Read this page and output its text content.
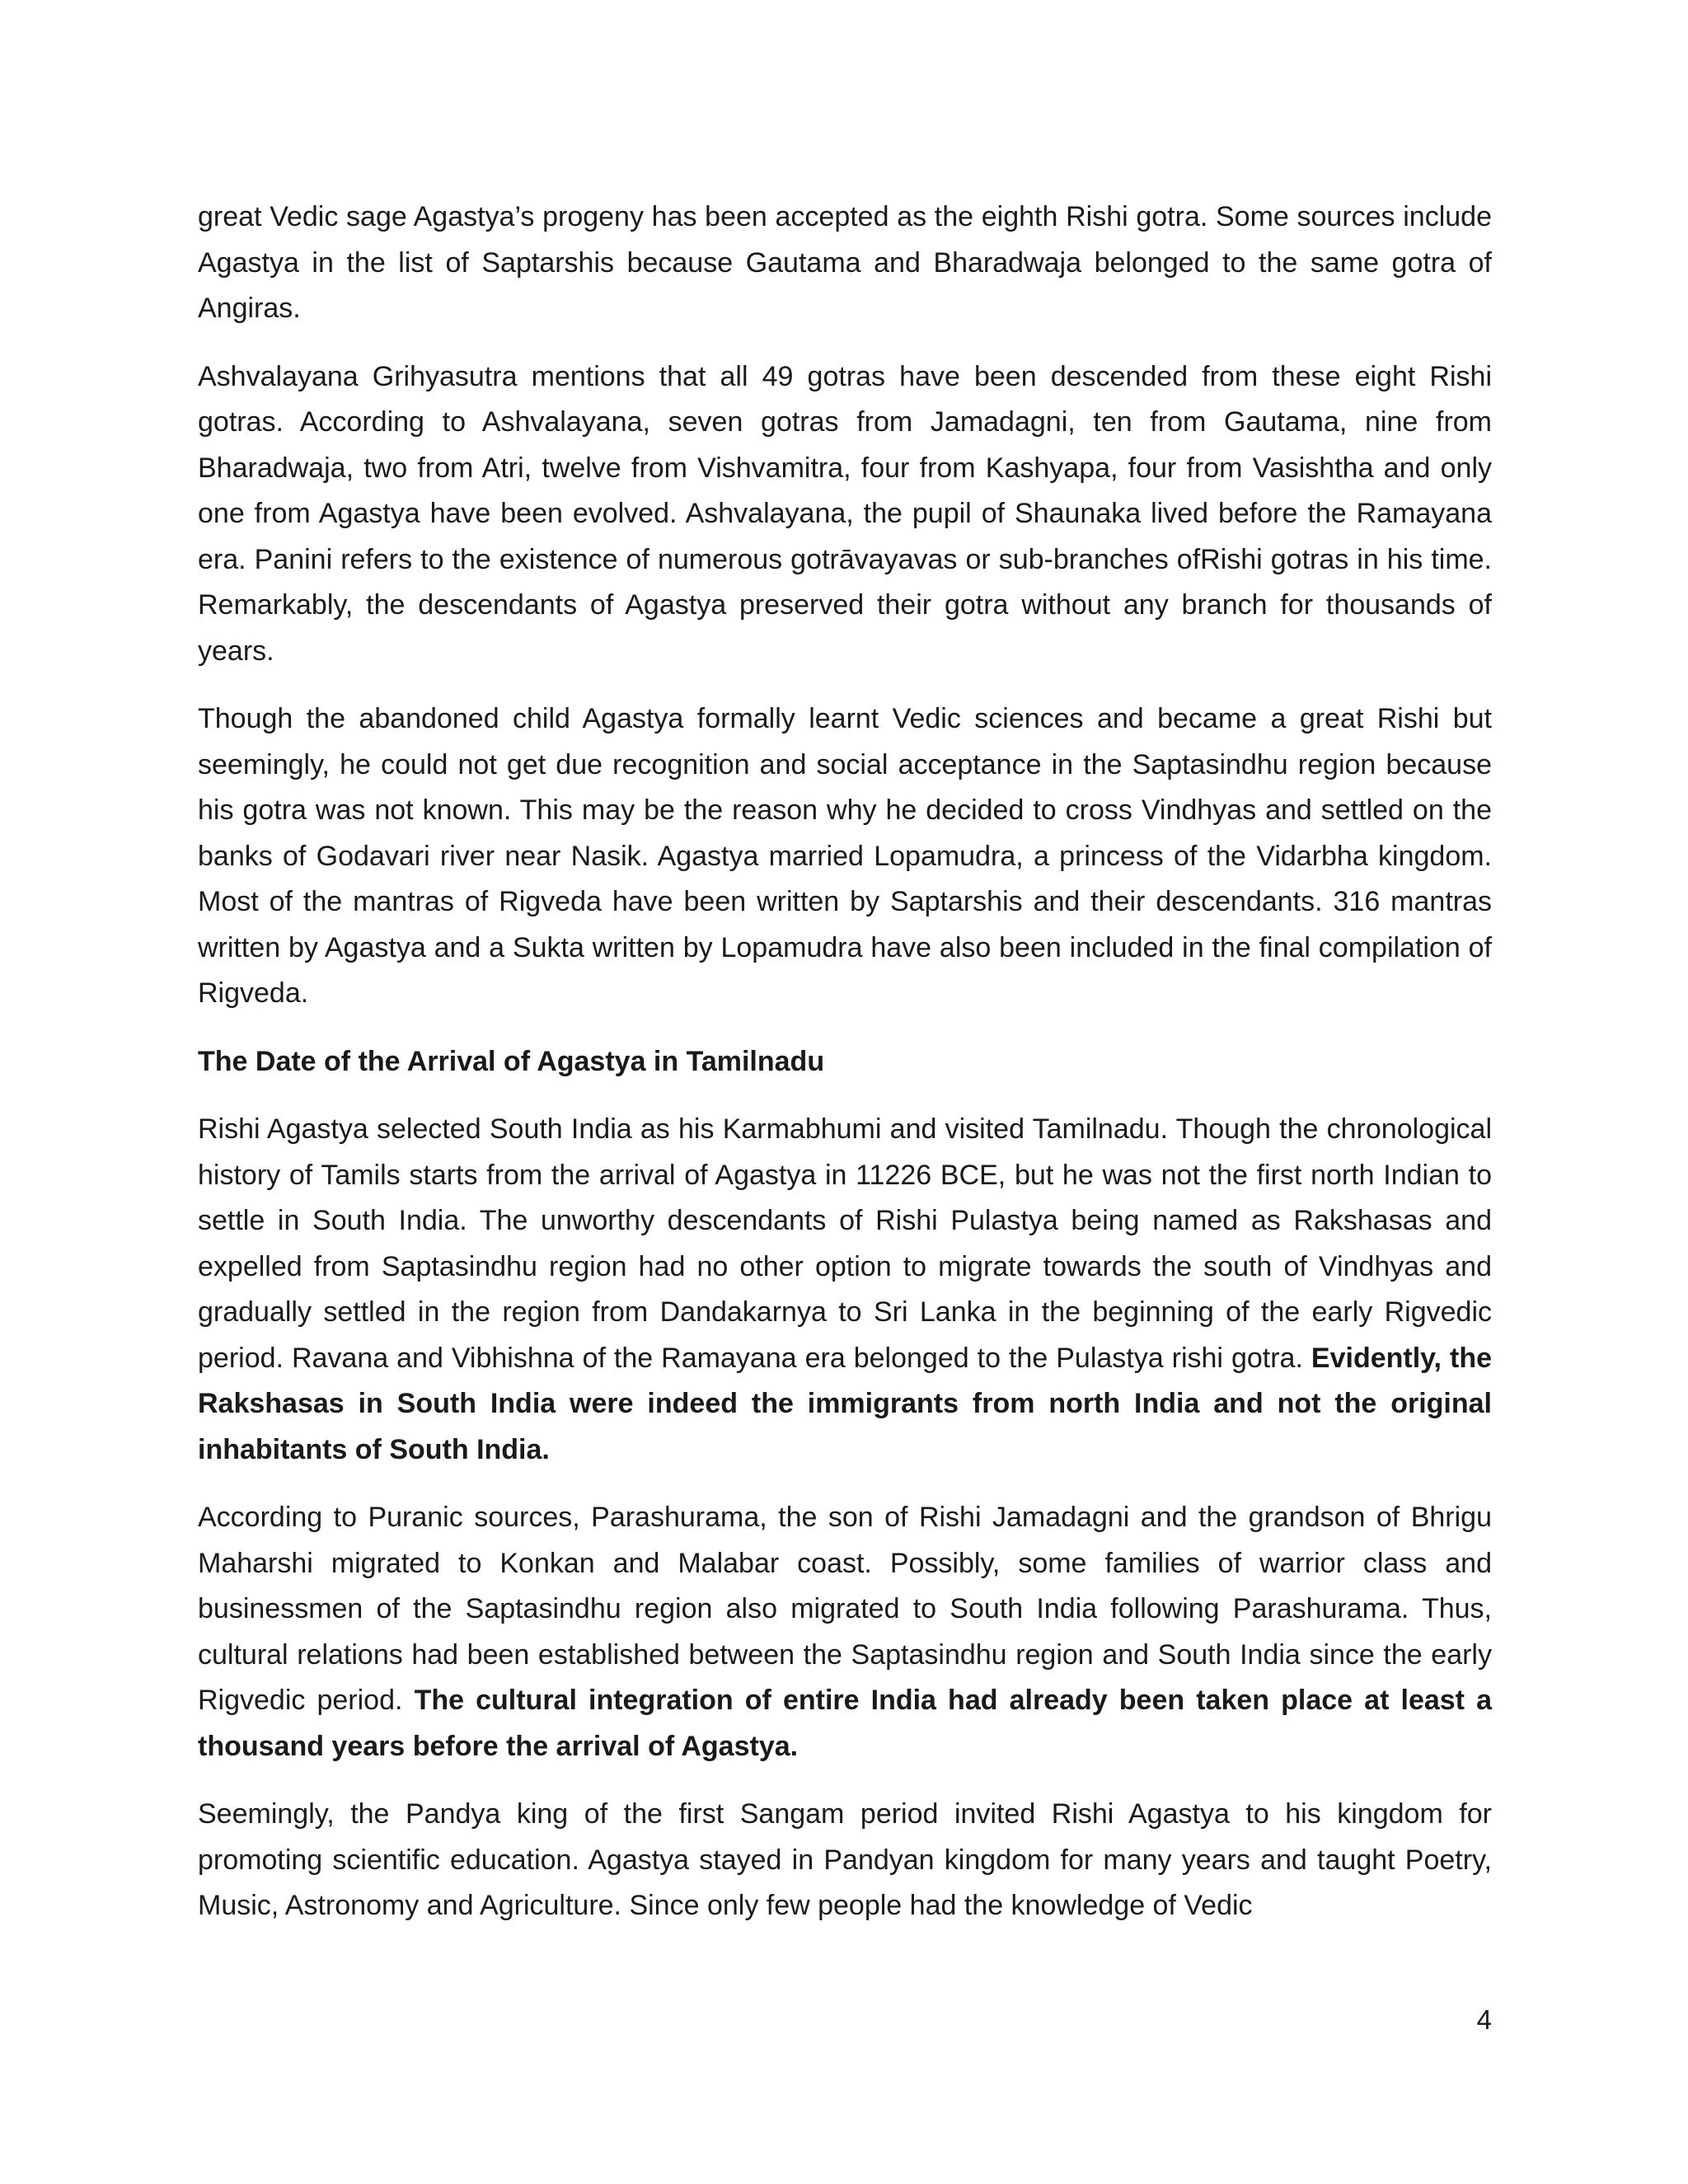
great Vedic sage Agastya’s progeny has been accepted as the eighth Rishi gotra. Some sources include Agastya in the list of Saptarshis because Gautama and Bharadwaja belonged to the same gotra of Angiras.

Ashvalayana Grihyasutra mentions that all 49 gotras have been descended from these eight Rishi gotras. According to Ashvalayana, seven gotras from Jamadagni, ten from Gautama, nine from Bharadwaja, two from Atri, twelve from Vishvamitra, four from Kashyapa, four from Vasishtha and only one from Agastya have been evolved. Ashvalayana, the pupil of Shaunaka lived before the Ramayana era. Panini refers to the existence of numerous gotrāvayavas or sub-branches ofRishi gotras in his time. Remarkably, the descendants of Agastya preserved their gotra without any branch for thousands of years.

Though the abandoned child Agastya formally learnt Vedic sciences and became a great Rishi but seemingly, he could not get due recognition and social acceptance in the Saptasindhu region because his gotra was not known. This may be the reason why he decided to cross Vindhyas and settled on the banks of Godavari river near Nasik. Agastya married Lopamudra, a princess of the Vidarbha kingdom. Most of the mantras of Rigveda have been written by Saptarshis and their descendants. 316 mantras written by Agastya and a Sukta written by Lopamudra have also been included in the final compilation of Rigveda.

The Date of the Arrival of Agastya in Tamilnadu

Rishi Agastya selected South India as his Karmabhumi and visited Tamilnadu. Though the chronological history of Tamils starts from the arrival of Agastya in 11226 BCE, but he was not the first north Indian to settle in South India. The unworthy descendants of Rishi Pulastya being named as Rakshasas and expelled from Saptasindhu region had no other option to migrate towards the south of Vindhyas and gradually settled in the region from Dandakarnya to Sri Lanka in the beginning of the early Rigvedic period. Ravana and Vibhishna of the Ramayana era belonged to the Pulastya rishi gotra. Evidently, the Rakshasas in South India were indeed the immigrants from north India and not the original inhabitants of South India.

According to Puranic sources, Parashurama, the son of Rishi Jamadagni and the grandson of Bhrigu Maharshi migrated to Konkan and Malabar coast. Possibly, some families of warrior class and businessmen of the Saptasindhu region also migrated to South India following Parashurama. Thus, cultural relations had been established between the Saptasindhu region and South India since the early Rigvedic period. The cultural integration of entire India had already been taken place at least a thousand years before the arrival of Agastya.

Seemingly, the Pandya king of the first Sangam period invited Rishi Agastya to his kingdom for promoting scientific education. Agastya stayed in Pandyan kingdom for many years and taught Poetry, Music, Astronomy and Agriculture. Since only few people had the knowledge of Vedic

4
